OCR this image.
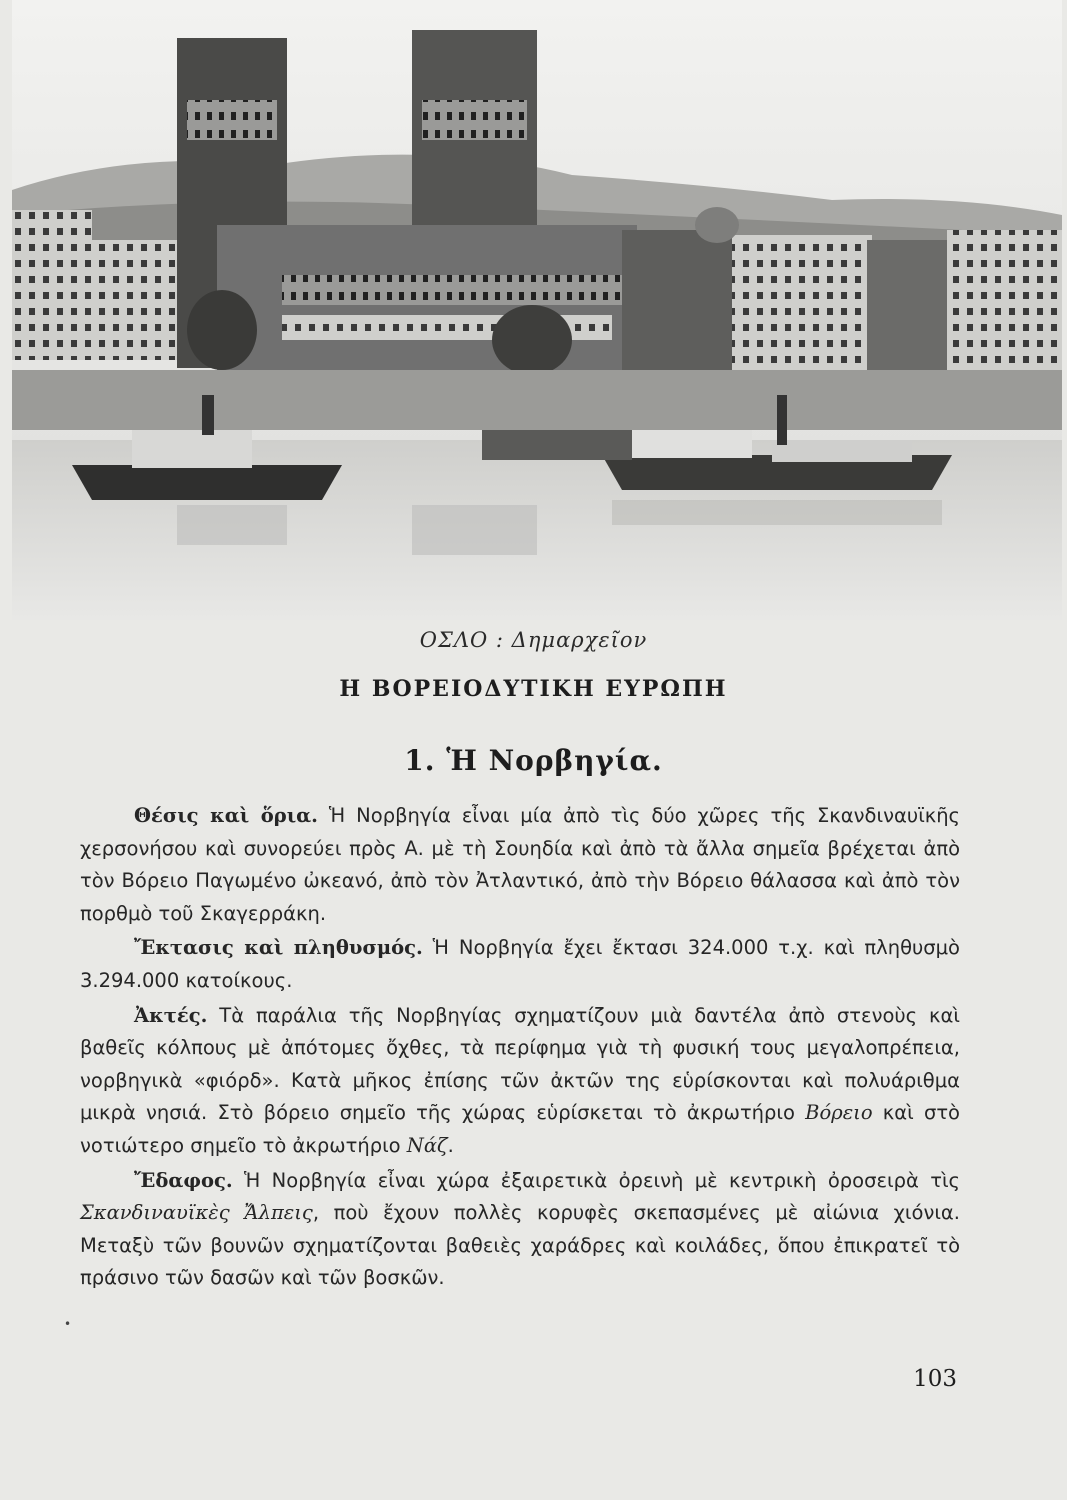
ΟΣΛΟ : Δημαρχεῖον
Η ΒΟΡΕΙΟΔΥΤΙΚΗ ΕΥΡΩΠΗ
1. Ἡ Νορβηγία.

Θέσις καὶ ὅρια. Ἡ Νορβηγία εἶναι μία ἀπὸ τὶς δύο χῶρες τῆς Σκανδιναυϊκῆς χερσονήσου καὶ συνορεύει πρὸς Α. μὲ τὴ Σουηδία καὶ ἀπὸ τὰ ἄλλα σημεῖα βρέχεται ἀπὸ τὸν Βόρειο Παγωμένο ὠκεανό, ἀπὸ τὸν Ἀτλαντικό, ἀπὸ τὴν Βόρειο θάλασσα καὶ ἀπὸ τὸν πορθμὸ τοῦ Σκαγερράκη.

Ἔκτασις καὶ πληθυσμός. Ἡ Νορβηγία ἔχει ἔκτασι 324.000 τ.χ. καὶ πληθυσμὸ 3.294.000 κατοίκους.

Ἀκτές. Τὰ παράλια τῆς Νορβηγίας σχηματίζουν μιὰ δαντέλα ἀπὸ στενοὺς καὶ βαθεῖς κόλπους μὲ ἀπότομες ὄχθες, τὰ περίφημα γιὰ τὴ φυσική τους μεγαλοπρέπεια, νορβηγικὰ «φιόρδ». Κατὰ μῆκος ἐπίσης τῶν ἀκτῶν της εὑρίσκονται καὶ πολυάριθμα μικρὰ νησιά. Στὸ βόρειο σημεῖο τῆς χώρας εὑρίσκεται τὸ ἀκρωτήριο Βόρειο καὶ στὸ νοτιώτερο σημεῖο τὸ ἀκρωτήριο Νάζ.

Ἔδαφος. Ἡ Νορβηγία εἶναι χώρα ἐξαιρετικὰ ὀρεινὴ μὲ κεντρικὴ ὀροσειρὰ τὶς Σκανδιναυϊκὲς Ἄλπεις, ποὺ ἔχουν πολλὲς κορυφὲς σκεπασμένες μὲ αἰώνια χιόνια. Μεταξὺ τῶν βουνῶν σχηματίζονται βαθειὲς χαράδρες καὶ κοιλάδες, ὅπου ἐπικρατεῖ τὸ πράσινο τῶν δασῶν καὶ τῶν βοσκῶν.

•
103
